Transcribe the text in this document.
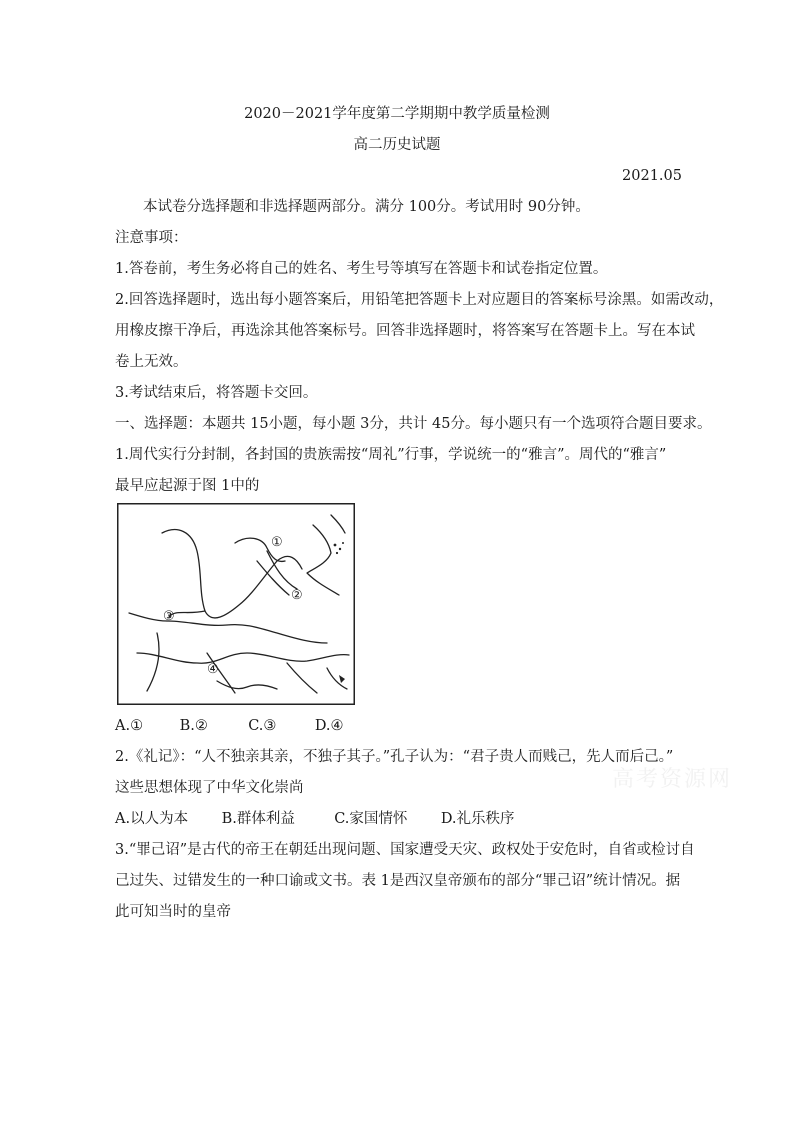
2020－2021学年度第二学期期中教学质量检测
高二历史试题
2021.05
本试卷分选择题和非选择题两部分。满分 100分。考试用时 90分钟。
注意事项：
1.答卷前，考生务必将自己的姓名、考生号等填写在答题卡和试卷指定位置。
2.回答选择题时，选出每小题答案后，用铅笔把答题卡上对应题目的答案标号涂黑。如需改动，
用橡皮擦干净后，再选涂其他答案标号。回答非选择题时，将答案写在答题卡上。写在本试
卷上无效。
3.考试结束后，将答题卡交回。
一、选择题：本题共 15小题，每小题 3分，共计 45分。每小题只有一个选项符合题目要求。
1.周代实行分封制，各封国的贵族需按“周礼”行事，学说统一的“雅言”。周代的“雅言”
最早应起源于图 1中的
①
②
③
④
A.①	B.②	C.③	D.④
2.《礼记》：“人不独亲其亲，不独子其子。”孔子认为：“君子贵人而贱己，先人而后己。”
这些思想体现了中华文化崇尚
A.以人为本 B.群体利益	C.家国情怀 D.礼乐秩序
3.“罪己诏”是古代的帝王在朝廷出现问题、国家遭受天灾、政权处于安危时，自省或检讨自
己过失、过错发生的一种口谕或文书。表 1是西汉皇帝颁布的部分“罪己诏”统计情况。据
此可知当时的皇帝
高考资源网
